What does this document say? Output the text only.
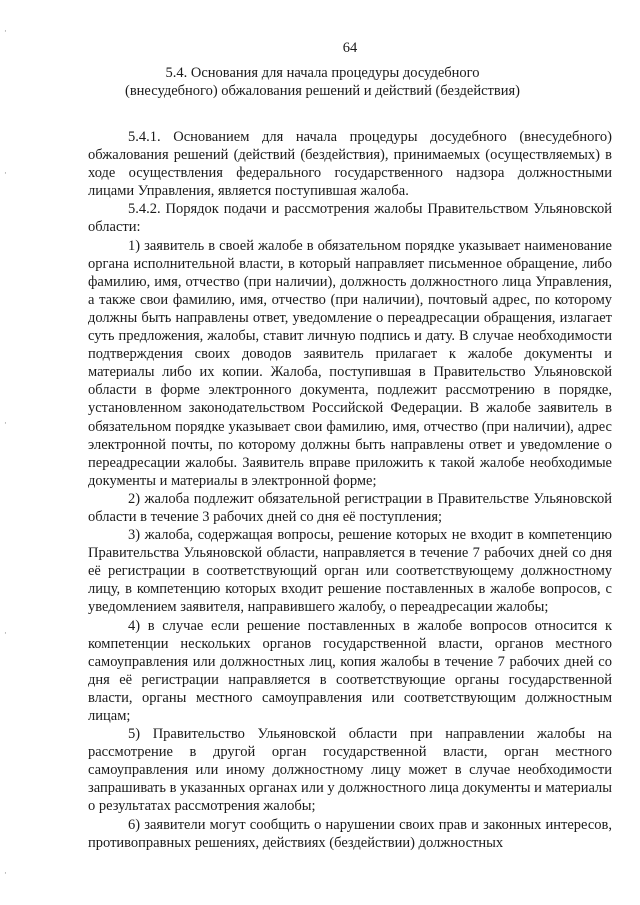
·
·
·
·
·
64
5.4. Основания для начала процедуры досудебного
(внесудебного) обжалования решений и действий (бездействия)

5.4.1. Основанием для начала процедуры досудебного (внесудебного) обжалования решений (действий (бездействия), принимаемых (осуществляемых) в ходе осуществления федерального государственного надзора должностными лицами Управления, является поступившая жалоба.

5.4.2. Порядок подачи и рассмотрения жалобы Правительством Ульяновской области:

1) заявитель в своей жалобе в обязательном порядке указывает наименование органа исполнительной власти, в который направляет письменное обращение, либо фамилию, имя, отчество (при наличии), должность должностного лица Управления, а также свои фамилию, имя, отчество (при наличии), почтовый адрес, по которому должны быть направлены ответ, уведомление о переадресации обращения, излагает суть предложения, жалобы, ставит личную подпись и дату. В случае необходимости подтверждения своих доводов заявитель прилагает к жалобе документы и материалы либо их копии. Жалоба, поступившая в Правительство Ульяновской области в форме электронного документа, подлежит рассмотрению в порядке, установленном законодательством Российской Федерации. В жалобе заявитель в обязательном порядке указывает свои фамилию, имя, отчество (при наличии), адрес электронной почты, по которому должны быть направлены ответ и уведомление о переадресации жалобы. Заявитель вправе приложить к такой жалобе необходимые документы и материалы в электронной форме;

2) жалоба подлежит обязательной регистрации в Правительстве Ульяновской области в течение 3 рабочих дней со дня её поступления;

3) жалоба, содержащая вопросы, решение которых не входит в компетенцию Правительства Ульяновской области, направляется в течение 7 рабочих дней со дня её регистрации в соответствующий орган или соответствующему должностному лицу, в компетенцию которых входит решение поставленных в жалобе вопросов, с уведомлением заявителя, направившего жалобу, о переадресации жалобы;

4) в случае если решение поставленных в жалобе вопросов относится к компетенции нескольких органов государственной власти, органов местного самоуправления или должностных лиц, копия жалобы в течение 7 рабочих дней со дня её регистрации направляется в соответствующие органы государственной власти, органы местного самоуправления или соответствующим должностным лицам;

5) Правительство Ульяновской области при направлении жалобы на рассмотрение в другой орган государственной власти, орган местного самоуправления или иному должностному лицу может в случае необходимости запрашивать в указанных органах или у должностного лица документы и материалы о результатах рассмотрения жалобы;

6) заявители могут сообщить о нарушении своих прав и законных интересов, противоправных решениях, действиях (бездействии) должностных
